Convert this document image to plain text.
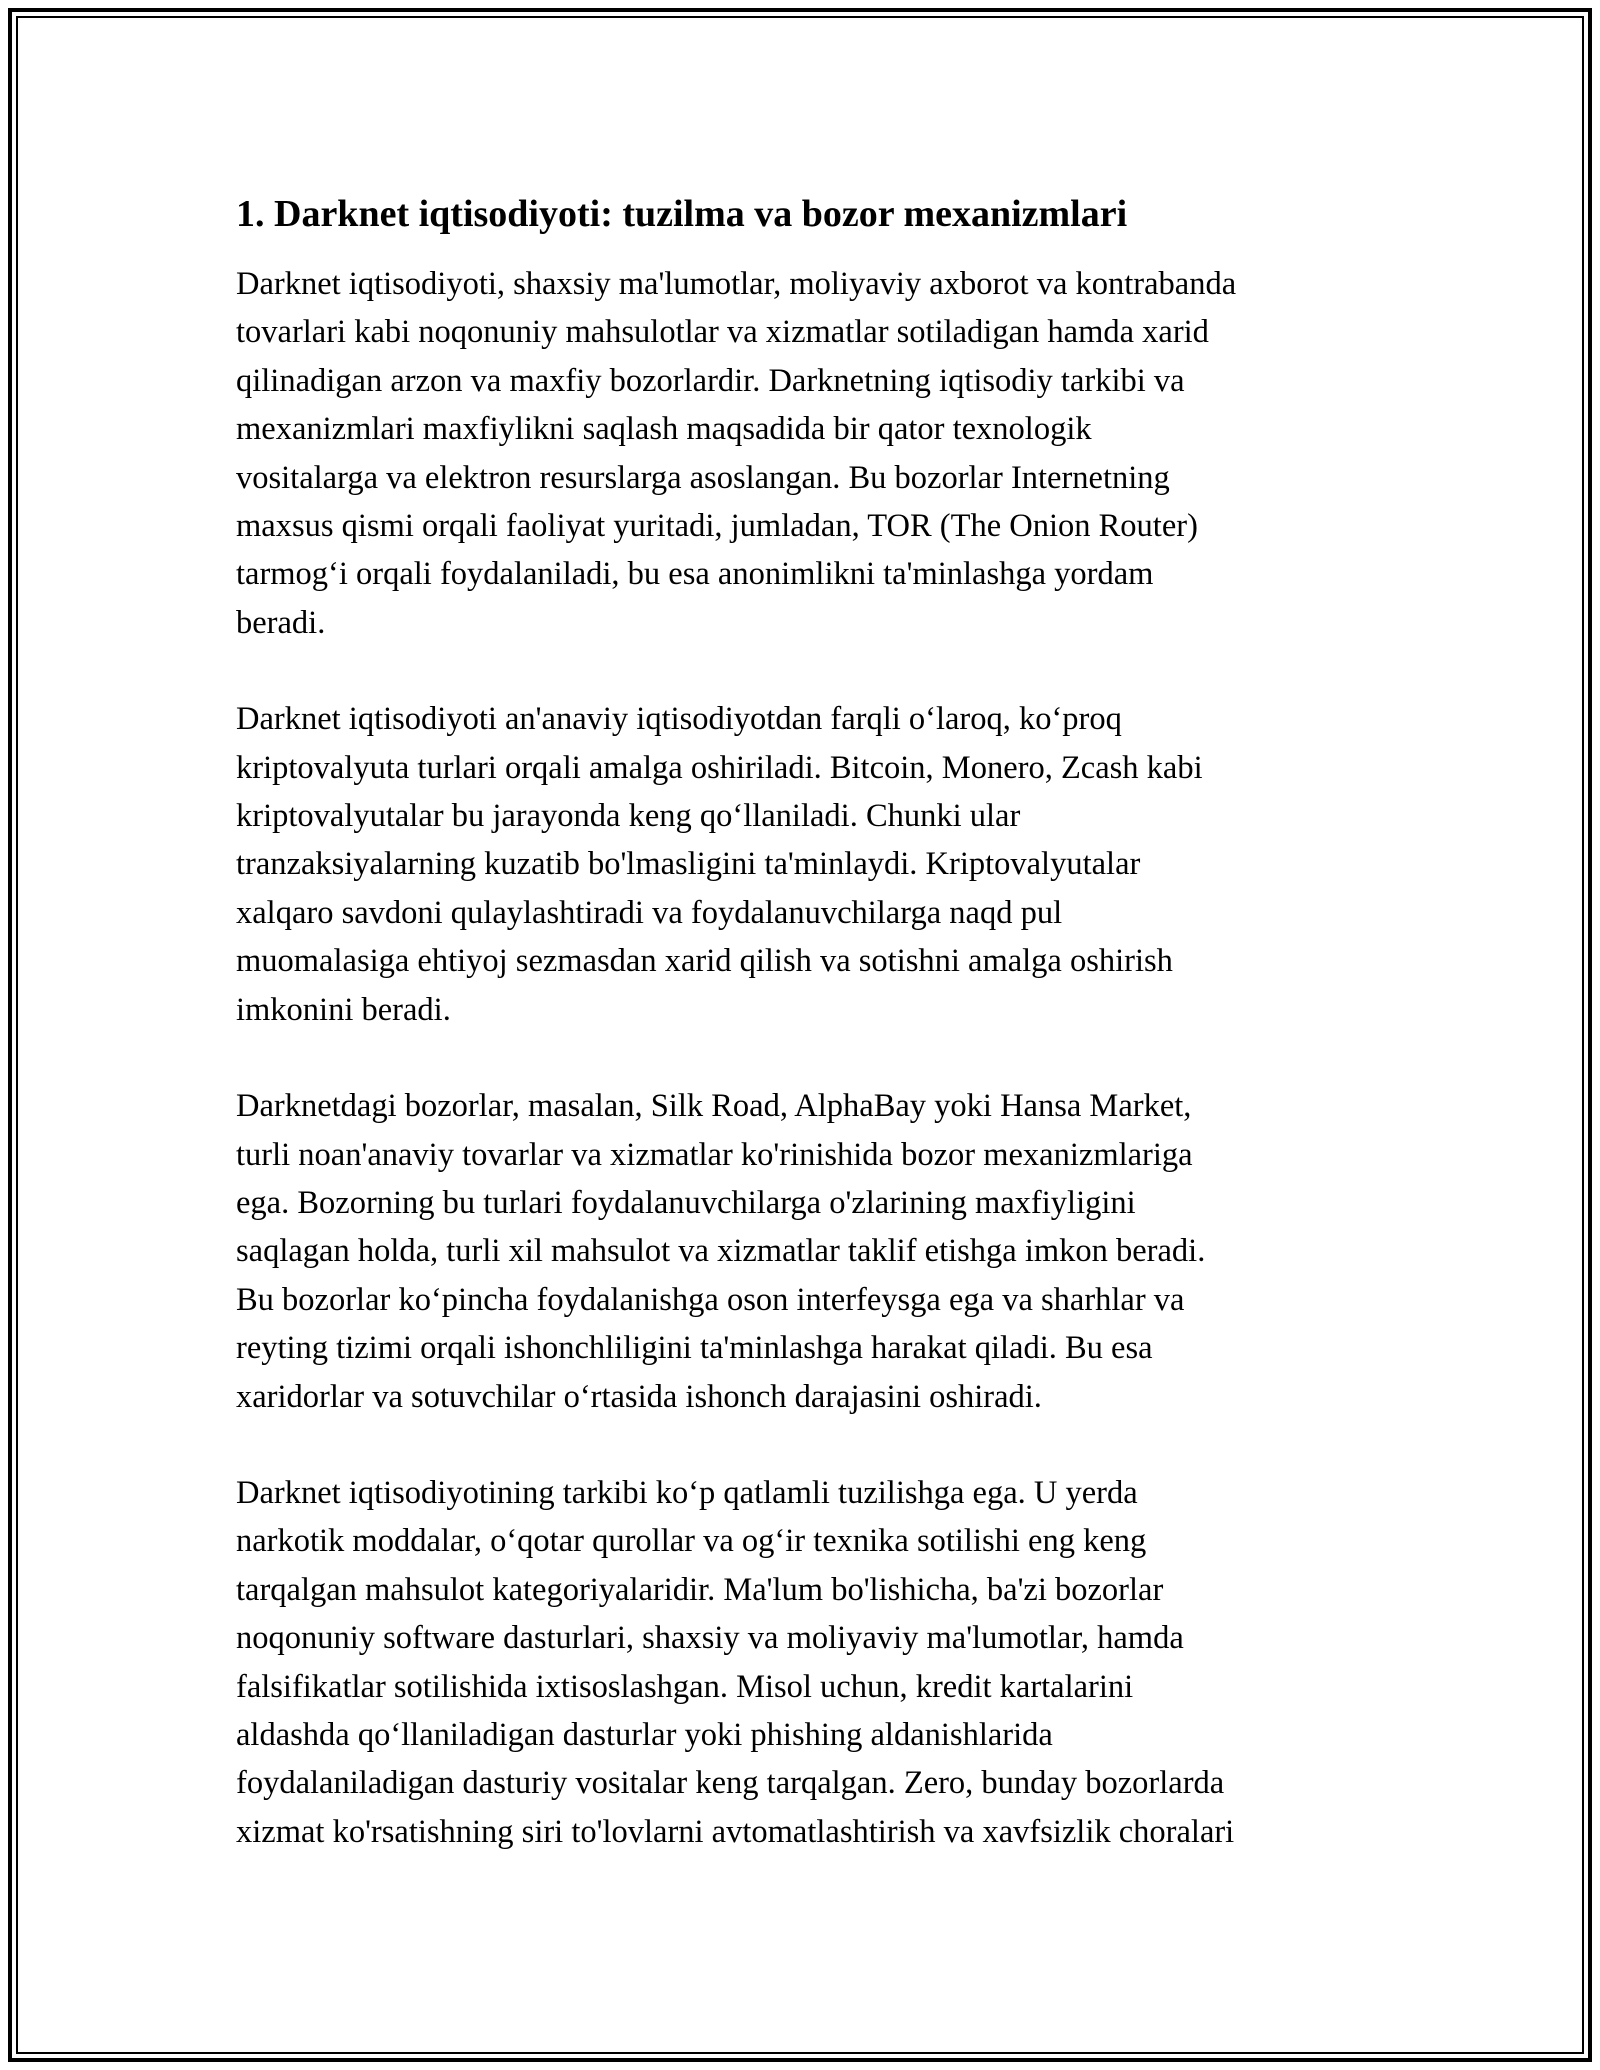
1. Darknet iqtisodiyoti: tuzilma va bozor mexanizmlari

Darknet iqtisodiyoti, shaxsiy ma'lumotlar, moliyaviy axborot va kontrabanda
tovarlari kabi noqonuniy mahsulotlar va xizmatlar sotiladigan hamda xarid
qilinadigan arzon va maxfiy bozorlardir. Darknetning iqtisodiy tarkibi va
mexanizmlari maxfiylikni saqlash maqsadida bir qator texnologik
vositalarga va elektron resurslarga asoslangan. Bu bozorlar Internetning
maxsus qismi orqali faoliyat yuritadi, jumladan, TOR (The Onion Router)
tarmog‘i orqali foydalaniladi, bu esa anonimlikni ta'minlashga yordam
beradi.

Darknet iqtisodiyoti an'anaviy iqtisodiyotdan farqli o‘laroq, ko‘proq
kriptovalyuta turlari orqali amalga oshiriladi. Bitcoin, Monero, Zcash kabi
kriptovalyutalar bu jarayonda keng qo‘llaniladi. Chunki ular
tranzaksiyalarning kuzatib bo'lmasligini ta'minlaydi. Kriptovalyutalar
xalqaro savdoni qulaylashtiradi va foydalanuvchilarga naqd pul
muomalasiga ehtiyoj sezmasdan xarid qilish va sotishni amalga oshirish
imkonini beradi.

Darknetdagi bozorlar, masalan, Silk Road, AlphaBay yoki Hansa Market,
turli noan'anaviy tovarlar va xizmatlar ko'rinishida bozor mexanizmlariga
ega. Bozorning bu turlari foydalanuvchilarga o'zlarining maxfiyligini
saqlagan holda, turli xil mahsulot va xizmatlar taklif etishga imkon beradi.
Bu bozorlar ko‘pincha foydalanishga oson interfeysga ega va sharhlar va
reyting tizimi orqali ishonchliligini ta'minlashga harakat qiladi. Bu esa
xaridorlar va sotuvchilar o‘rtasida ishonch darajasini oshiradi.

Darknet iqtisodiyotining tarkibi ko‘p qatlamli tuzilishga ega. U yerda
narkotik moddalar, o‘qotar qurollar va og‘ir texnika sotilishi eng keng
tarqalgan mahsulot kategoriyalaridir. Ma'lum bo'lishicha, ba'zi bozorlar
noqonuniy software dasturlari, shaxsiy va moliyaviy ma'lumotlar, hamda
falsifikatlar sotilishida ixtisoslashgan. Misol uchun, kredit kartalarini
aldashda qo‘llaniladigan dasturlar yoki phishing aldanishlarida
foydalaniladigan dasturiy vositalar keng tarqalgan. Zero, bunday bozorlarda
xizmat ko'rsatishning siri to'lovlarni avtomatlashtirish va xavfsizlik choralari
